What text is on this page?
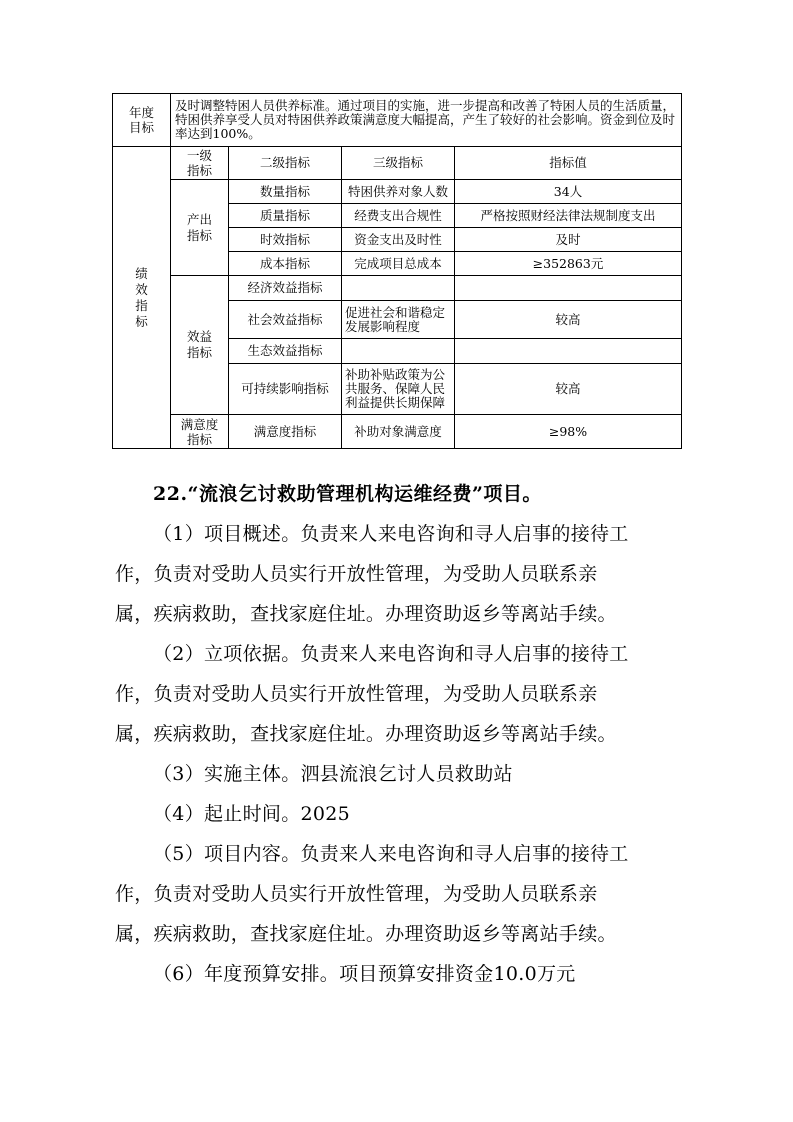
年度目标	及时调整特困人员供养标准。通过项目的实施，进一步提高和改善了特困人员的生活质量，特困供养享受人员对特困供养政策满意度大幅提高，产生了较好的社会影响。资金到位及时率达到100%。			
绩效指标	一级指标	二级指标	三级指标	指标值
	产出指标	数量指标	特困供养对象人数	34人
		质量指标	经费支出合规性	严格按照财经法律法规制度支出
		时效指标	资金支出及时性	及时
		成本指标	完成项目总成本	≥352863元
	效益指标	经济效益指标		
		社会效益指标	促进社会和谐稳定发展影响程度	较高
		生态效益指标		
		可持续影响指标	补助补贴政策为公共服务、保障人民利益提供长期保障	较高
	满意度指标	满意度指标	补助对象满意度	≥98%
22.“流浪乞讨救助管理机构运维经费”项目。
（1）项目概述。负责来人来电咨询和寻人启事的接待工
作，负责对受助人员实行开放性管理，为受助人员联系亲
属，疾病救助，查找家庭住址。办理资助返乡等离站手续。
（2）立项依据。负责来人来电咨询和寻人启事的接待工
作，负责对受助人员实行开放性管理，为受助人员联系亲
属，疾病救助，查找家庭住址。办理资助返乡等离站手续。
（3）实施主体。泗县流浪乞讨人员救助站
（4）起止时间。2025
（5）项目内容。负责来人来电咨询和寻人启事的接待工
作，负责对受助人员实行开放性管理，为受助人员联系亲
属，疾病救助，查找家庭住址。办理资助返乡等离站手续。
（6）年度预算安排。项目预算安排资金10.0万元
